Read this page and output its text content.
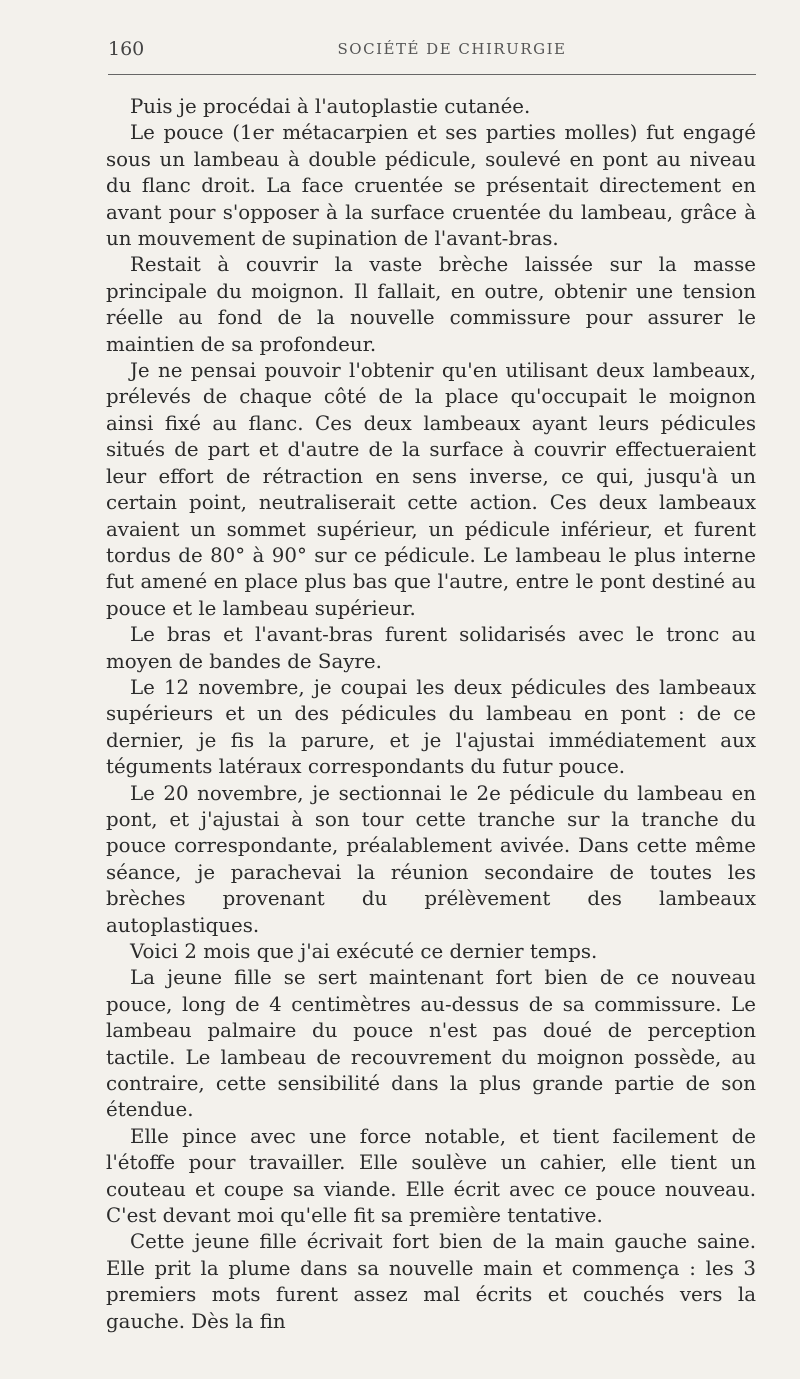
160	SOCIÉTÉ DE CHIRURGIE

Puis je procédai à l'autoplastie cutanée.

Le pouce (1er métacarpien et ses parties molles) fut engagé sous un lambeau à double pédicule, soulevé en pont au niveau du flanc droit. La face cruentée se présentait directement en avant pour s'opposer à la surface cruentée du lambeau, grâce à un mouvement de supination de l'avant-bras.

Restait à couvrir la vaste brèche laissée sur la masse principale du moignon. Il fallait, en outre, obtenir une tension réelle au fond de la nouvelle commissure pour assurer le maintien de sa profondeur.

Je ne pensai pouvoir l'obtenir qu'en utilisant deux lambeaux, prélevés de chaque côté de la place qu'occupait le moignon ainsi fixé au flanc. Ces deux lambeaux ayant leurs pédicules situés de part et d'autre de la surface à couvrir effectueraient leur effort de rétraction en sens inverse, ce qui, jusqu'à un certain point, neutraliserait cette action. Ces deux lambeaux avaient un sommet supérieur, un pédicule inférieur, et furent tordus de 80° à 90° sur ce pédicule. Le lambeau le plus interne fut amené en place plus bas que l'autre, entre le pont destiné au pouce et le lambeau supérieur.

Le bras et l'avant-bras furent solidarisés avec le tronc au moyen de bandes de Sayre.

Le 12 novembre, je coupai les deux pédicules des lambeaux supérieurs et un des pédicules du lambeau en pont : de ce dernier, je fis la parure, et je l'ajustai immédiatement aux téguments latéraux correspondants du futur pouce.

Le 20 novembre, je sectionnai le 2e pédicule du lambeau en pont, et j'ajustai à son tour cette tranche sur la tranche du pouce correspondante, préalablement avivée. Dans cette même séance, je parachevai la réunion secondaire de toutes les brèches provenant du prélèvement des lambeaux autoplastiques.

Voici 2 mois que j'ai exécuté ce dernier temps.

La jeune fille se sert maintenant fort bien de ce nouveau pouce, long de 4 centimètres au-dessus de sa commissure. Le lambeau palmaire du pouce n'est pas doué de perception tactile. Le lambeau de recouvrement du moignon possède, au contraire, cette sensibilité dans la plus grande partie de son étendue.

Elle pince avec une force notable, et tient facilement de l'étoffe pour travailler. Elle soulève un cahier, elle tient un couteau et coupe sa viande. Elle écrit avec ce pouce nouveau. C'est devant moi qu'elle fit sa première tentative.

Cette jeune fille écrivait fort bien de la main gauche saine. Elle prit la plume dans sa nouvelle main et commença : les 3 premiers mots furent assez mal écrits et couchés vers la gauche. Dès la fin
